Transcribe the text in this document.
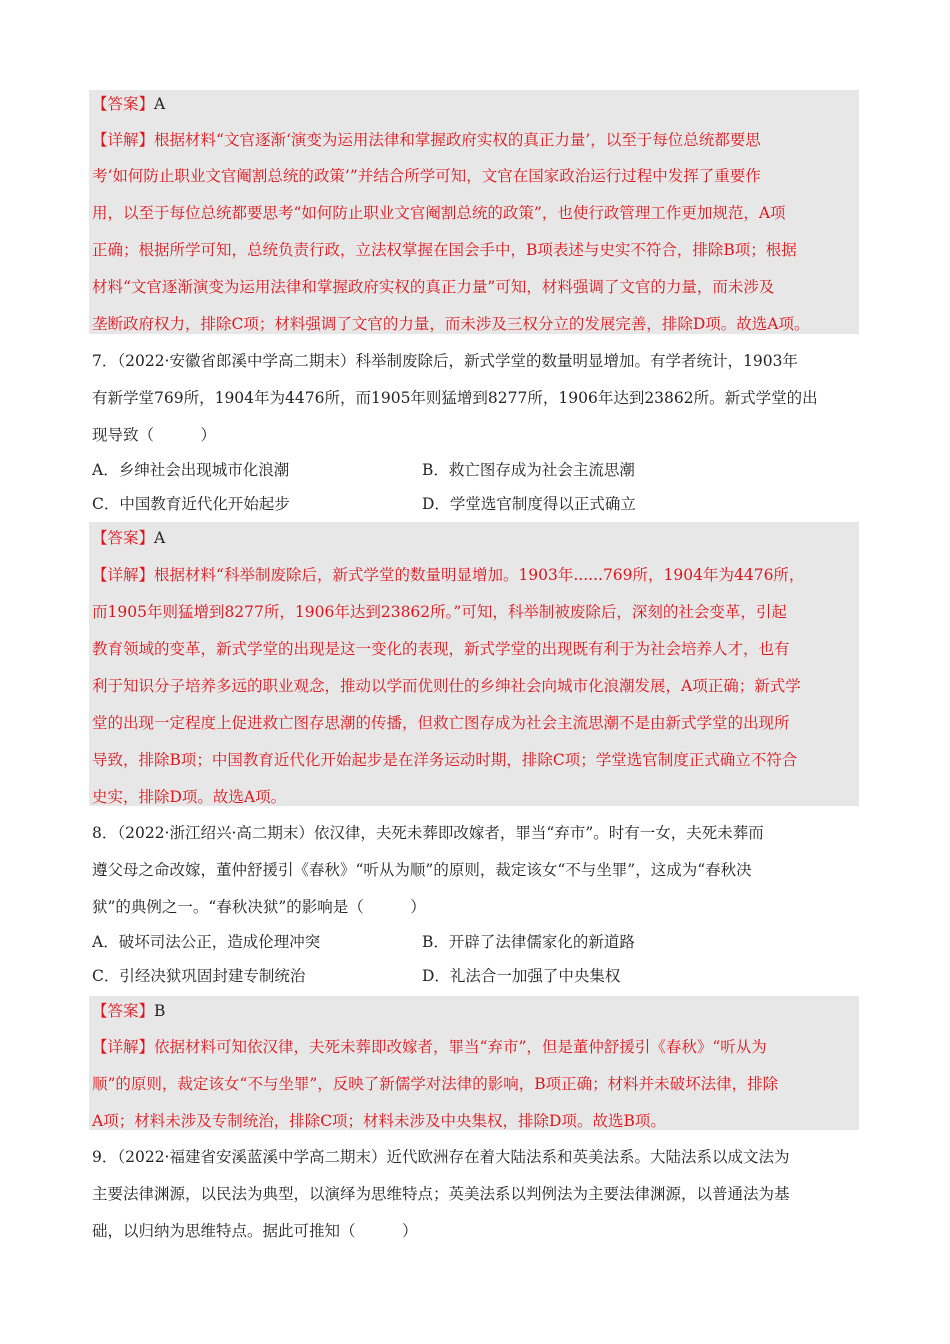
【答案】A
【详解】根据材料“文官逐渐‘演变为运用法律和掌握政府实权的真正力量’，以至于每位总统都要思
考‘如何防止职业文官阉割总统的政策’”并结合所学可知，文官在国家政治运行过程中发挥了重要作
用，以至于每位总统都要思考“如何防止职业文官阉割总统的政策”，也使行政管理工作更加规范，A项
正确；根据所学可知，总统负责行政，立法权掌握在国会手中，B项表述与史实不符合，排除B项；根据
材料“文官逐渐演变为运用法律和掌握政府实权的真正力量”可知，材料强调了文官的力量，而未涉及
垄断政府权力，排除C项；材料强调了文官的力量，而未涉及三权分立的发展完善，排除D项。故选A项。
7．（2022·安徽省郎溪中学高二期末）科举制废除后，新式学堂的数量明显增加。有学者统计，1903年
有新学堂769所，1904年为4476所，而1905年则猛增到8277所，1906年达到23862所。新式学堂的出
现导致（　　　）
A．乡绅社会出现城市化浪潮	B．救亡图存成为社会主流思潮
C．中国教育近代化开始起步	D．学堂选官制度得以正式确立
【答案】A
【详解】根据材料“科举制废除后，新式学堂的数量明显增加。1903年......769所，1904年为4476所，
而1905年则猛增到8277所，1906年达到23862所。”可知，科举制被废除后，深刻的社会变革，引起
教育领域的变革，新式学堂的出现是这一变化的表现，新式学堂的出现既有利于为社会培养人才，也有
利于知识分子培养多远的职业观念，推动以学而优则仕的乡绅社会向城市化浪潮发展，A项正确；新式学
堂的出现一定程度上促进救亡图存思潮的传播，但救亡图存成为社会主流思潮不是由新式学堂的出现所
导致，排除B项；中国教育近代化开始起步是在洋务运动时期，排除C项；学堂选官制度正式确立不符合
史实，排除D项。故选A项。
8．（2022·浙江绍兴·高二期末）依汉律，夫死未葬即改嫁者，罪当“弃市”。时有一女，夫死未葬而
遵父母之命改嫁，董仲舒援引《春秋》“听从为顺”的原则，裁定该女“不与坐罪”，这成为“春秋决
狱”的典例之一。“春秋决狱”的影响是（　　　）
A．破坏司法公正，造成伦理冲突	B．开辟了法律儒家化的新道路
C．引经决狱巩固封建专制统治	D．礼法合一加强了中央集权
【答案】B
【详解】依据材料可知依汉律，夫死未葬即改嫁者，罪当“弃市”，但是董仲舒援引《春秋》“听从为
顺”的原则，裁定该女“不与坐罪”，反映了新儒学对法律的影响，B项正确；材料并未破坏法律，排除
A项；材料未涉及专制统治，排除C项；材料未涉及中央集权，排除D项。故选B项。
9．（2022·福建省安溪蓝溪中学高二期末）近代欧洲存在着大陆法系和英美法系。大陆法系以成文法为
主要法律渊源，以民法为典型，以演绎为思维特点；英美法系以判例法为主要法律渊源，以普通法为基
础，以归纳为思维特点。据此可推知（　　　）
